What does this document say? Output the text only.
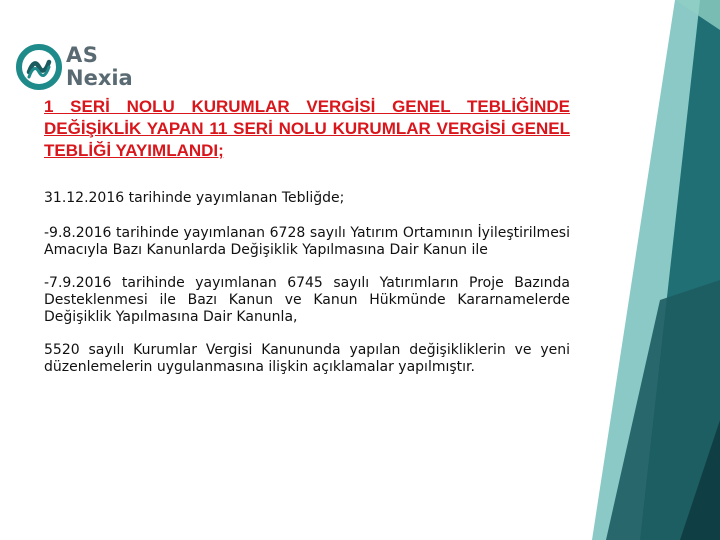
AS
Nexia
1 SERİ NOLU KURUMLAR VERGİSİ GENEL TEBLİĞİNDE DEĞİŞİKLİK YAPAN 11 SERİ NOLU KURUMLAR VERGİSİ GENEL TEBLİĞİ YAYIMLANDI;

31.12.2016 tarihinde yayımlanan Tebliğde;

-9.8.2016 tarihinde yayımlanan 6728 sayılı Yatırım Ortamının İyileştirilmesi Amacıyla Bazı Kanunlarda Değişiklik Yapılmasına Dair Kanun ile

-7.9.2016 tarihinde yayımlanan 6745 sayılı Yatırımların Proje Bazında Desteklenmesi ile Bazı Kanun ve Kanun Hükmünde Kararnamelerde Değişiklik Yapılmasına Dair Kanunla,

5520 sayılı Kurumlar Vergisi Kanununda yapılan değişikliklerin ve yeni düzenlemelerin uygulanmasına ilişkin açıklamalar yapılmıştır.
